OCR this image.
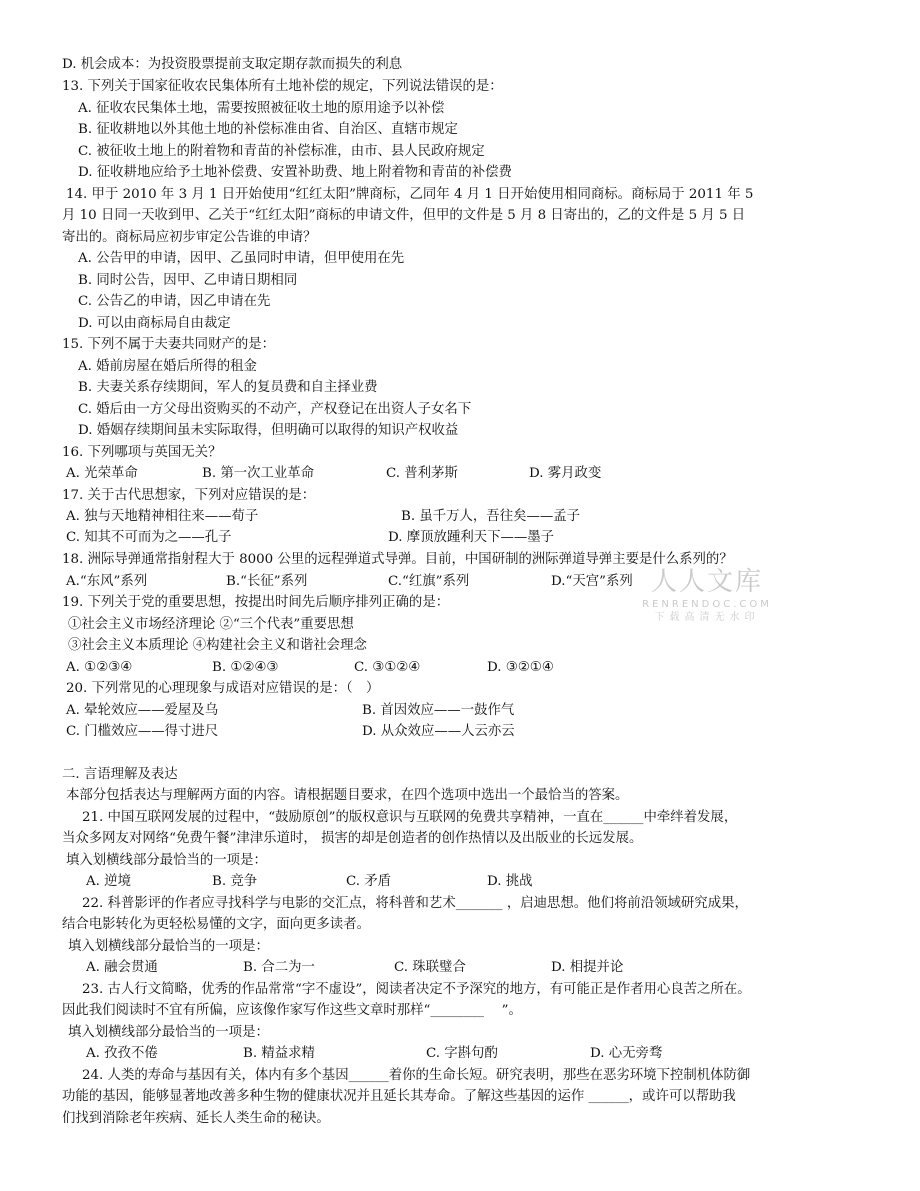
D. 机会成本：为投资股票提前支取定期存款而损失的利息
13. 下列关于国家征收农民集体所有土地补偿的规定，下列说法错误的是：
A. 征收农民集体土地，需要按照被征收土地的原用途予以补偿
B. 征收耕地以外其他土地的补偿标准由省、自治区、直辖市规定
C. 被征收土地上的附着物和青苗的补偿标准，由市、县人民政府规定
D. 征收耕地应给予土地补偿费、安置补助费、地上附着物和青苗的补偿费
14. 甲于 2010 年 3 月 1 日开始使用“红红太阳”牌商标，乙同年 4 月 1 日开始使用相同商标。商标局于 2011 年 5
月 10 日同一天收到甲、乙关于“红红太阳”商标的申请文件，但甲的文件是 5 月 8 日寄出的，乙的文件是 5 月 5 日
寄出的。商标局应初步审定公告谁的申请？
A. 公告甲的申请，因甲、乙虽同时申请，但甲使用在先
B. 同时公告，因甲、乙申请日期相同
C. 公告乙的申请，因乙申请在先
D. 可以由商标局自由裁定
15. 下列不属于夫妻共同财产的是：
A. 婚前房屋在婚后所得的租金
B. 夫妻关系存续期间，军人的复员费和自主择业费
C. 婚后由一方父母出资购买的不动产，产权登记在出资人子女名下
D. 婚姻存续期间虽未实际取得，但明确可以取得的知识产权收益
16. 下列哪项与英国无关？
A. 光荣革命	B. 第一次工业革命	C. 普利茅斯	D. 雾月政变
17. 关于古代思想家，下列对应错误的是：
A. 独与天地精神相往来——荀子	B. 虽千万人，吾往矣——孟子
C. 知其不可而为之——孔子	D. 摩顶放踵利天下——墨子
18. 洲际导弹通常指射程大于 8000 公里的远程弹道式导弹。目前，中国研制的洲际弹道导弹主要是什么系列的？
A.“东风”系列	B.“长征”系列	C.“红旗”系列	D.“天宫”系列 人人文库
RENRENDOC.COM
下载高清无水印
19. 下列关于党的重要思想，按提出时间先后顺序排列正确的是：
①社会主义市场经济理论 ②“三个代表”重要思想
③社会主义本质理论 ④构建社会主义和谐社会理念
A. ①②③④	B. ①②④③	C. ③①②④	D. ③②①④
20. 下列常见的心理现象与成语对应错误的是：（　）
A. 晕轮效应——爱屋及乌	B. 首因效应——一鼓作气
C. 门槛效应——得寸进尺	D. 从众效应——人云亦云
二. 言语理解及表达
本部分包括表达与理解两方面的内容。请根据题目要求，在四个选项中选出一个最恰当的答案。
21. 中国互联网发展的过程中，“鼓励原创”的版权意识与互联网的免费共享精神，一直在______中牵绊着发展，
当众多网友对网络“免费午餐”津津乐道时， 损害的却是创造者的创作热情以及出版业的长远发展。
填入划横线部分最恰当的一项是：
A. 逆境	B. 竞争	C. 矛盾	D. 挑战
22. 科普影评的作者应寻找科学与电影的交汇点，将科普和艺术_______ ，启迪思想。他们将前沿领域研究成果，
结合电影转化为更轻松易懂的文字，面向更多读者。
填入划横线部分最恰当的一项是：
A. 融会贯通	B. 合二为一	C. 珠联璧合	D. 相提并论
23. 古人行文简略，优秀的作品常常“字不虚设”，阅读者决定不予深究的地方，有可能正是作者用心良苦之所在。
因此我们阅读时不宜有所偏，应该像作家写作这些文章时那样“________　 ”。
填入划横线部分最恰当的一项是：
A. 孜孜不倦	B. 精益求精	C. 字斟句酌	D. 心无旁骛
24. 人类的寿命与基因有关，体内有多个基因______着你的生命长短。研究表明，那些在恶劣环境下控制机体防御
功能的基因，能够显著地改善多种生物的健康状况并且延长其寿命。了解这些基因的运作 ______，或许可以帮助我
们找到消除老年疾病、延长人类生命的秘诀。
